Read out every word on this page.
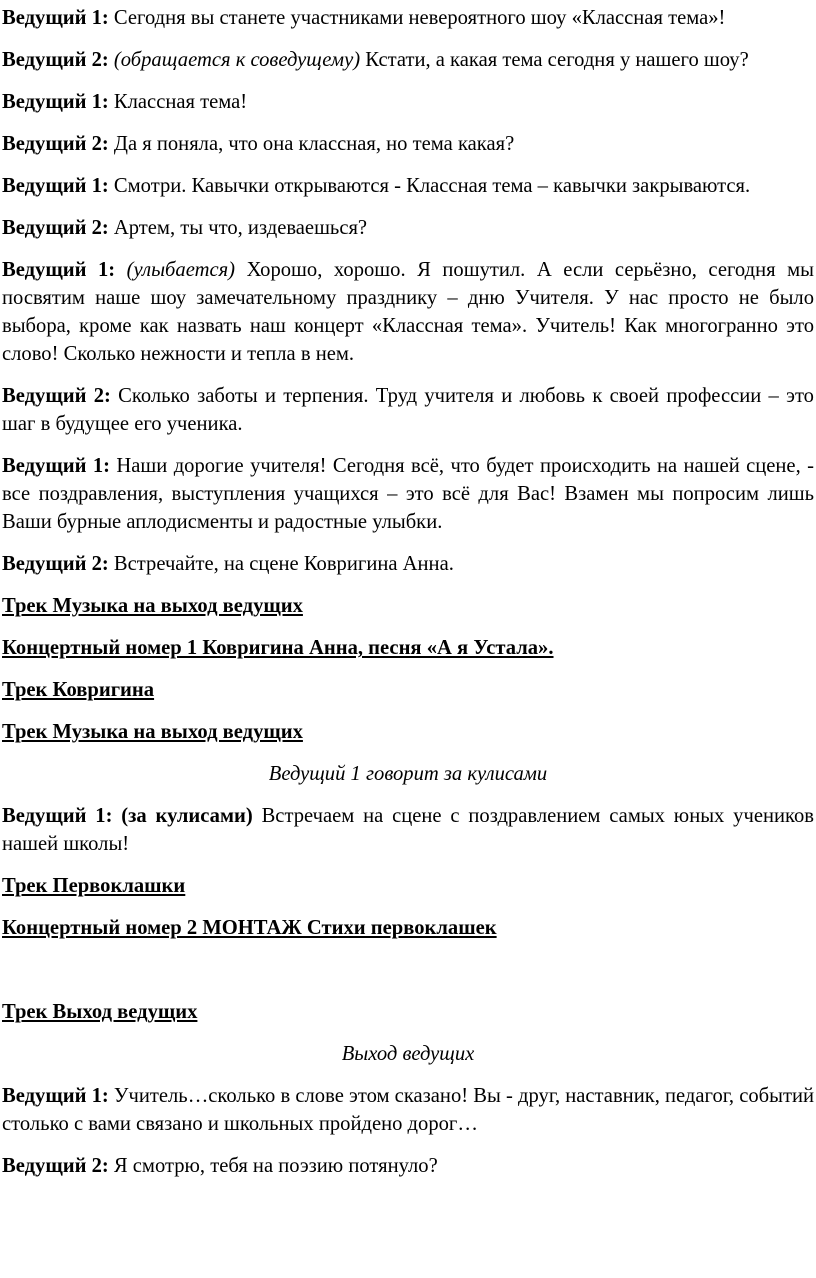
Ведущий 1: Сегодня вы станете участниками невероятного шоу «Классная тема»!

Ведущий 2: (обращается к соведущему) Кстати, а какая тема сегодня у нашего шоу?

Ведущий 1: Классная тема!

Ведущий 2: Да я поняла, что она классная, но тема какая?

Ведущий 1: Смотри. Кавычки открываются - Классная тема – кавычки закрываются.

Ведущий 2: Артем, ты что, издеваешься?

Ведущий 1: (улыбается) Хорошо, хорошо. Я пошутил. А если серьёзно, сегодня мы посвятим наше шоу замечательному празднику – дню Учителя. У нас просто не было выбора, кроме как назвать наш концерт «Классная тема». Учитель! Как многогранно это слово! Сколько нежности и тепла в нем.

Ведущий 2: Сколько заботы и терпения. Труд учителя и любовь к своей профессии – это шаг в будущее его ученика.

Ведущий 1: Наши дорогие учителя! Сегодня всё, что будет происходить на нашей сцене, - все поздравления, выступления учащихся – это всё для Вас! Взамен мы попросим лишь Ваши бурные аплодисменты и радостные улыбки.

Ведущий 2: Встречайте, на сцене Ковригина Анна.

Трек Музыка на выход ведущих

Концертный номер 1 Ковригина Анна, песня «А я Устала».

Трек Ковригина

Трек Музыка на выход ведущих

Ведущий 1 говорит за кулисами

Ведущий 1: (за кулисами) Встречаем на сцене с поздравлением самых юных учеников нашей школы!

Трек Первоклашки

Концертный номер 2 МОНТАЖ Стихи первоклашек

Трек Выход ведущих

Выход ведущих

Ведущий 1: Учитель…сколько в слове этом сказано! Вы - друг, наставник, педагог, событий столько с вами связано и школьных пройдено дорог…

Ведущий 2: Я смотрю, тебя на поэзию потянуло?
